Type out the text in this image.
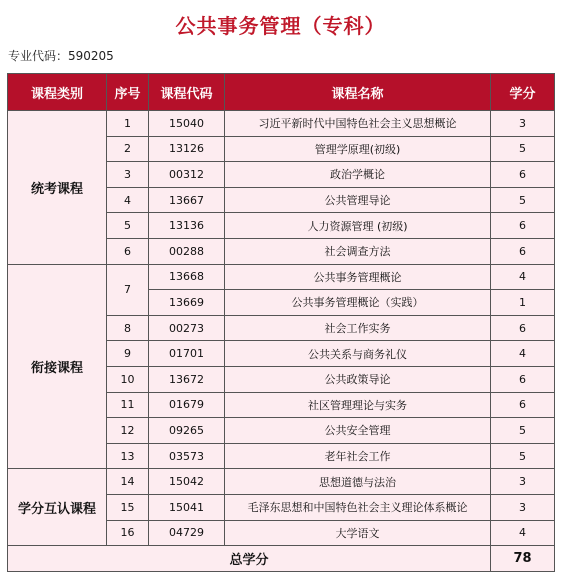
公共事务管理（专科）
专业代码：590205
课程类别	序号	课程代码	课程名称	学分
统考课程	1	15040	习近平新时代中国特色社会主义思想概论	3
	2	13126	管理学原理(初级)	5
	3	00312	政治学概论	6
	4	13667	公共管理导论	5
	5	13136	人力资源管理 (初级)	6
	6	00288	社会调查方法	6
衔接课程	7	13668	公共事务管理概论	4
		13669	公共事务管理概论（实践）	1
	8	00273	社会工作实务	6
	9	01701	公共关系与商务礼仪	4
	10	13672	公共政策导论	6
	11	01679	社区管理理论与实务	6
	12	09265	公共安全管理	5
	13	03573	老年社会工作	5
学分互认课程	14	15042	思想道德与法治	3
	15	15041	毛泽东思想和中国特色社会主义理论体系概论	3
	16	04729	大学语文	4
总学分				78
